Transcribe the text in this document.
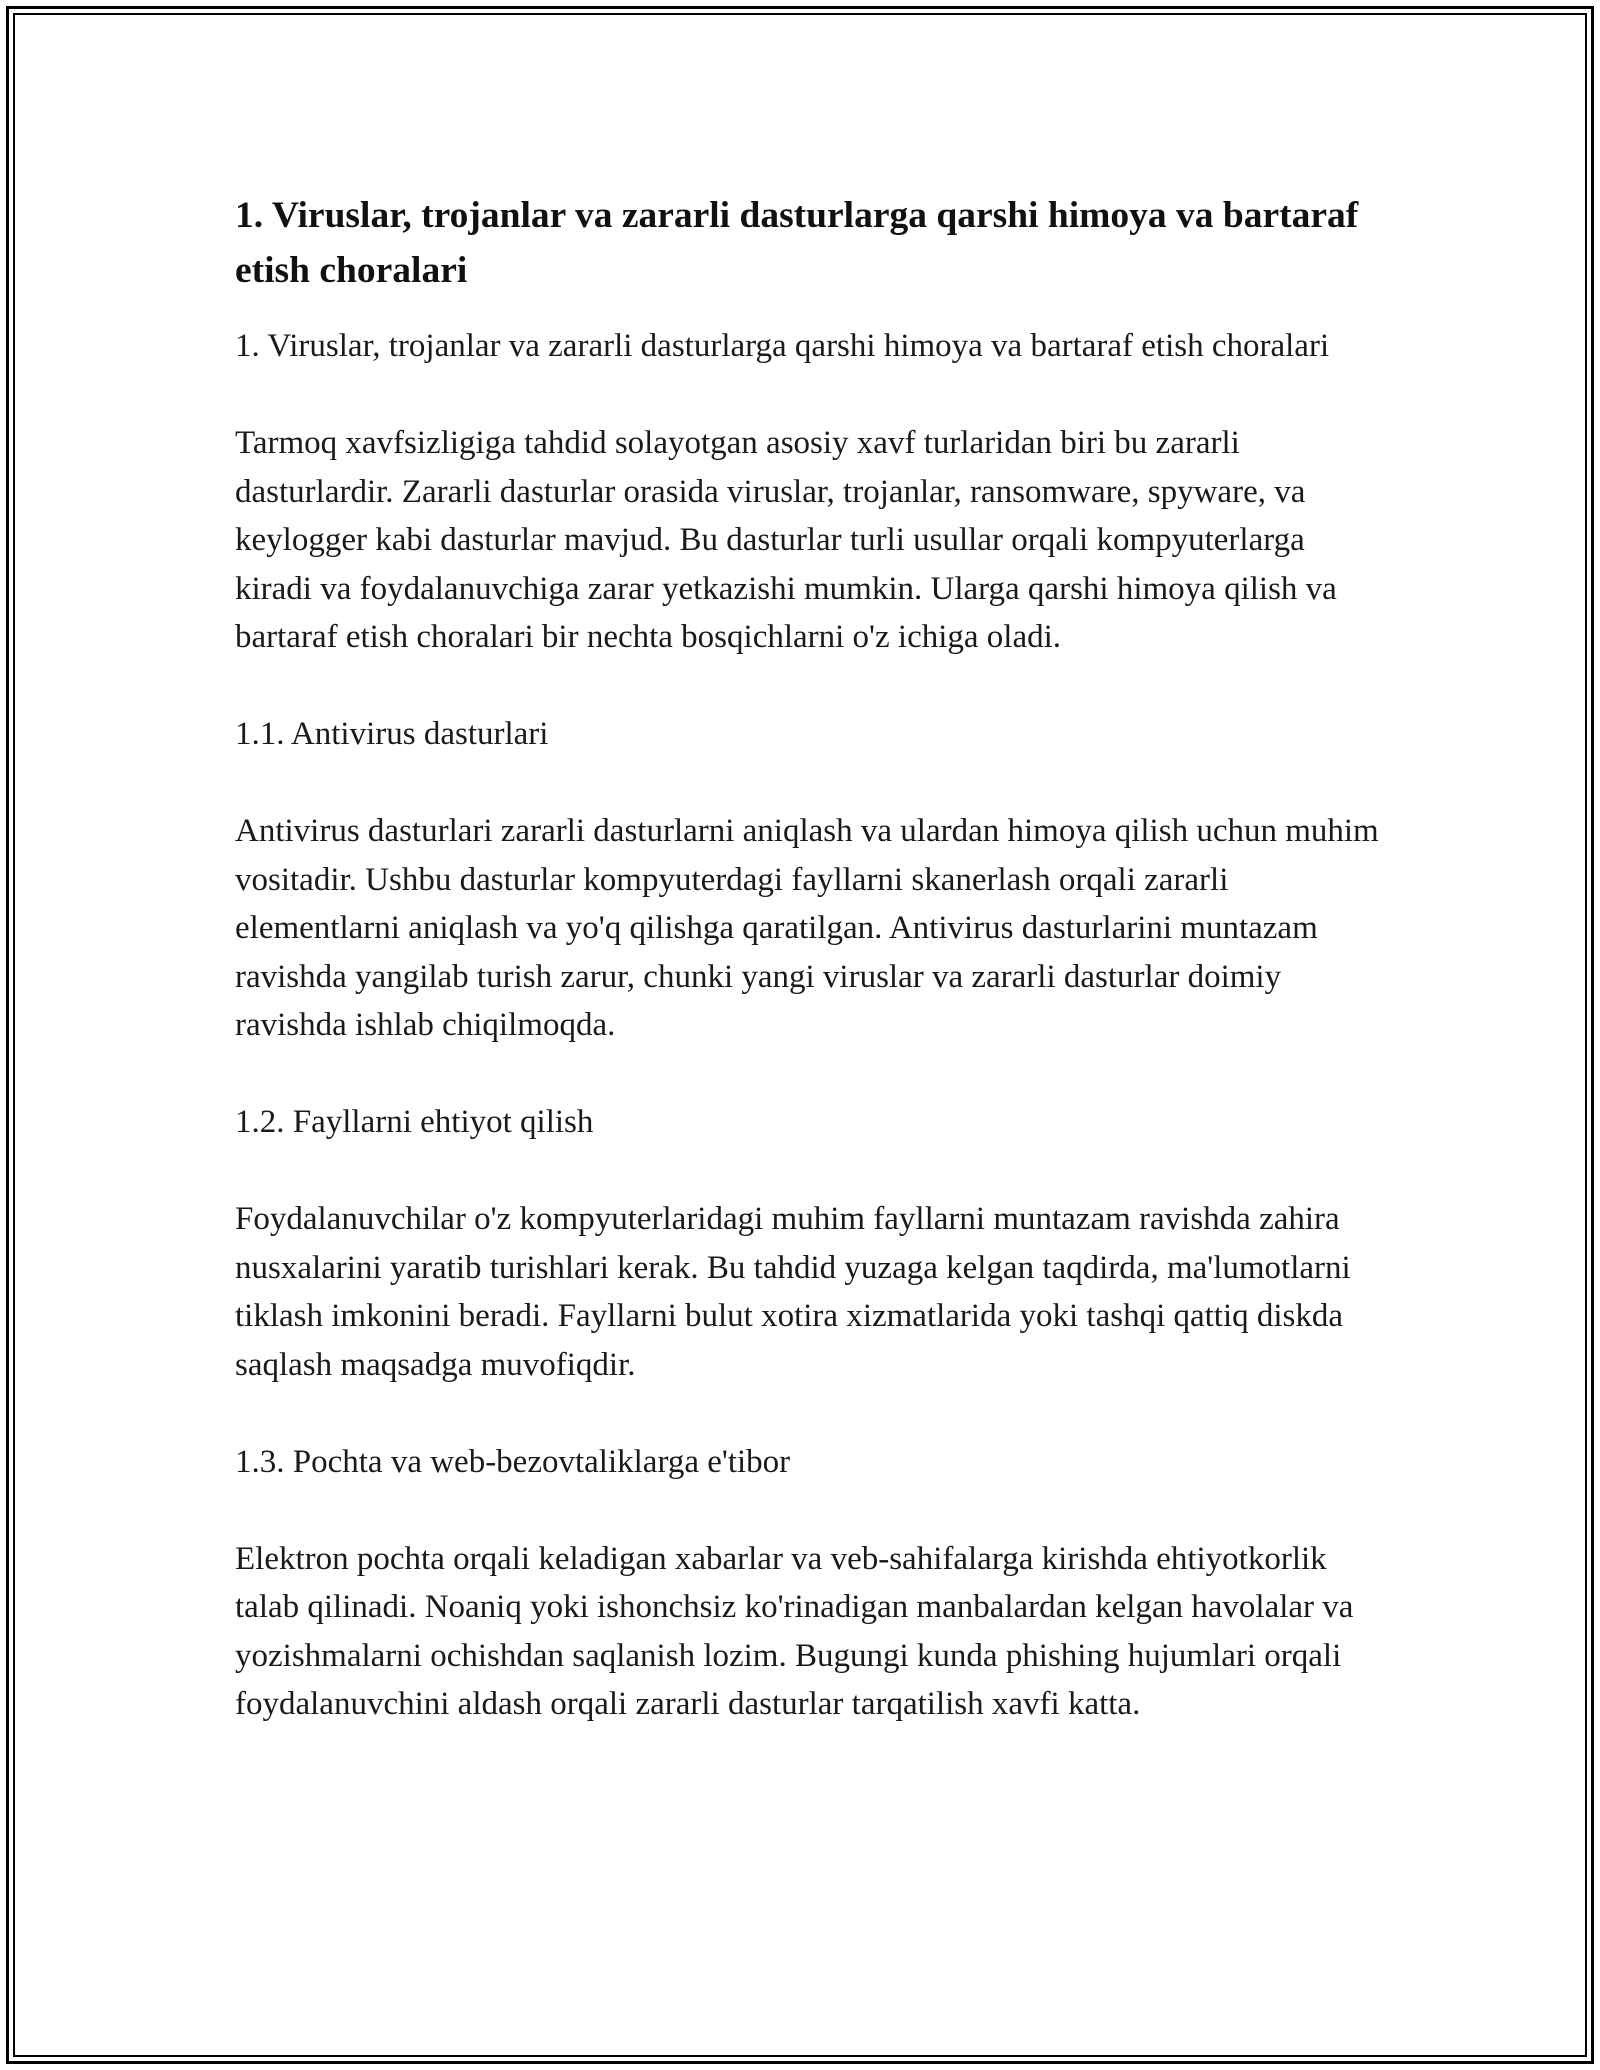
1. Viruslar, trojanlar va zararli dasturlarga qarshi himoya va bartaraf etish choralari

1. Viruslar, trojanlar va zararli dasturlarga qarshi himoya va bartaraf etish choralari

Tarmoq xavfsizligiga tahdid solayotgan asosiy xavf turlaridan biri bu zararli dasturlardir. Zararli dasturlar orasida viruslar, trojanlar, ransomware, spyware, va keylogger kabi dasturlar mavjud. Bu dasturlar turli usullar orqali kompyuterlarga kiradi va foydalanuvchiga zarar yetkazishi mumkin. Ularga qarshi himoya qilish va bartaraf etish choralari bir nechta bosqichlarni o'z ichiga oladi.

1.1. Antivirus dasturlari

Antivirus dasturlari zararli dasturlarni aniqlash va ulardan himoya qilish uchun muhim vositadir. Ushbu dasturlar kompyuterdagi fayllarni skanerlash orqali zararli elementlarni aniqlash va yo'q qilishga qaratilgan. Antivirus dasturlarini muntazam ravishda yangilab turish zarur, chunki yangi viruslar va zararli dasturlar doimiy ravishda ishlab chiqilmoqda.

1.2. Fayllarni ehtiyot qilish

Foydalanuvchilar o'z kompyuterlaridagi muhim fayllarni muntazam ravishda zahira nusxalarini yaratib turishlari kerak. Bu tahdid yuzaga kelgan taqdirda, ma'lumotlarni tiklash imkonini beradi. Fayllarni bulut xotira xizmatlarida yoki tashqi qattiq diskda saqlash maqsadga muvofiqdir.

1.3. Pochta va web-bezovtaliklarga e'tibor

Elektron pochta orqali keladigan xabarlar va veb-sahifalarga kirishda ehtiyotkorlik talab qilinadi. Noaniq yoki ishonchsiz ko'rinadigan manbalardan kelgan havolalar va yozishmalarni ochishdan saqlanish lozim. Bugungi kunda phishing hujumlari orqali foydalanuvchini aldash orqali zararli dasturlar tarqatilish xavfi katta.
